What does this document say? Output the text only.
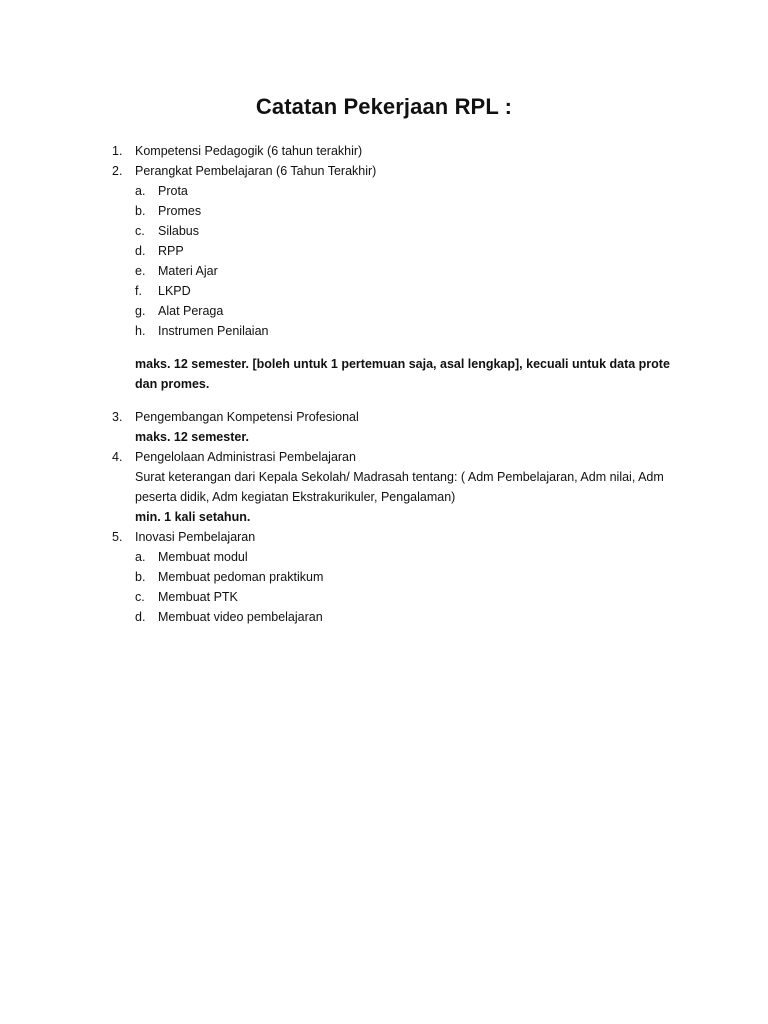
Catatan Pekerjaan RPL :
1.	Kompetensi Pedagogik (6 tahun terakhir)
2.	Perangkat Pembelajaran (6 Tahun Terakhir)
a.	Prota
b.	Promes
c.	Silabus
d.	RPP
e.	Materi Ajar
f.	LKPD
g.	Alat Peraga
h.	Instrumen Penilaian
maks. 12 semester. [boleh untuk 1 pertemuan saja, asal lengkap], kecuali untuk data prote
dan promes.
3.	Pengembangan Kompetensi Profesional
maks. 12 semester.
4.	Pengelolaan Administrasi Pembelajaran
Surat keterangan dari Kepala Sekolah/ Madrasah tentang: ( Adm Pembelajaran, Adm nilai, Adm
peserta didik, Adm kegiatan Ekstrakurikuler, Pengalaman)
min. 1 kali setahun.
5.	Inovasi Pembelajaran
a.	Membuat modul
b.	Membuat pedoman praktikum
c.	Membuat PTK
d.	Membuat video pembelajaran
